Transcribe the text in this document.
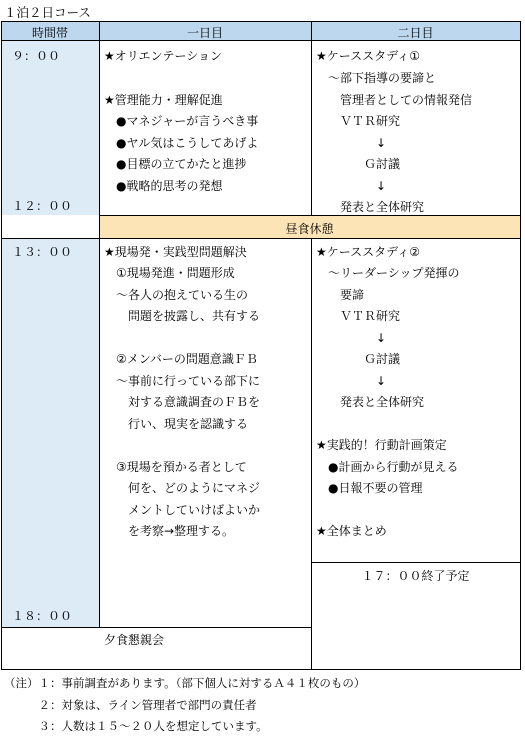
１泊２日コース
時間帯	一日目	二日目
９：００
１２：００
★オリエンテーション
★管理能力・理解促進
　●マネジャーが言うべき事
　●ヤル気はこうしてあげよ
　●目標の立てかたと進捗
　●戦略的思考の発想
★ケーススタディ①
　～部下指導の要諦と
　　管理者としての情報発信
　　ＶＴＲ研究
　　　　　↓
　　　　Ｇ討議
　　　　　↓
　　発表と全体研究
昼食休憩
１３：００
１８：００
★現場発・実践型問題解決
　①現場発進・問題形成
　～各人の抱えている生の
　　問題を披露し、共有する
　②メンバーの問題意識ＦＢ
　～事前に行っている部下に
　　対する意識調査のＦＢを
　　行い、現実を認識する
　③現場を預かる者として
　　何を、どのようにマネジ
　　メントしていけばよいか
　　を考察→整理する。
★ケーススタディ②
　～リーダーシップ発揮の
　　要諦
　　ＶＴＲ研究
　　　　　↓
　　　　Ｇ討議
　　　　　↓
　　発表と全体研究
★実践的！行動計画策定
　●計画から行動が見える
　●日報不要の管理
★全体まとめ
１７：００終了予定
夕食懇親会
（注）１：事前調査があります。（部下個人に対するＡ４１枚のもの）
　　　２：対象は、ライン管理者で部門の責任者
　　　３：人数は１５～２０人を想定しています。
